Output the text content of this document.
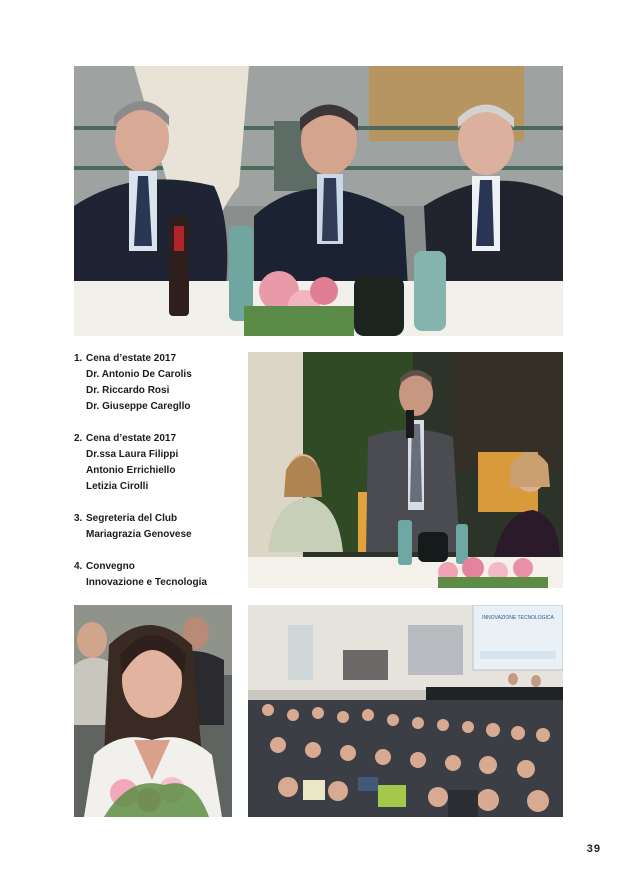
1. Cena d’estate 2017
Dr. Antonio De Carolis
Dr. Riccardo Rosi
Dr. Giuseppe Caregllo
2. Cena d’estate 2017
Dr.ssa Laura Filippi
Antonio Errichiello
Letizia Cirolli
3. Segreteria del Club
Mariagrazia Genovese
4. Convegno
Innovazione e Tecnologia
INNOVAZIONE TECNOLOGICA
39
